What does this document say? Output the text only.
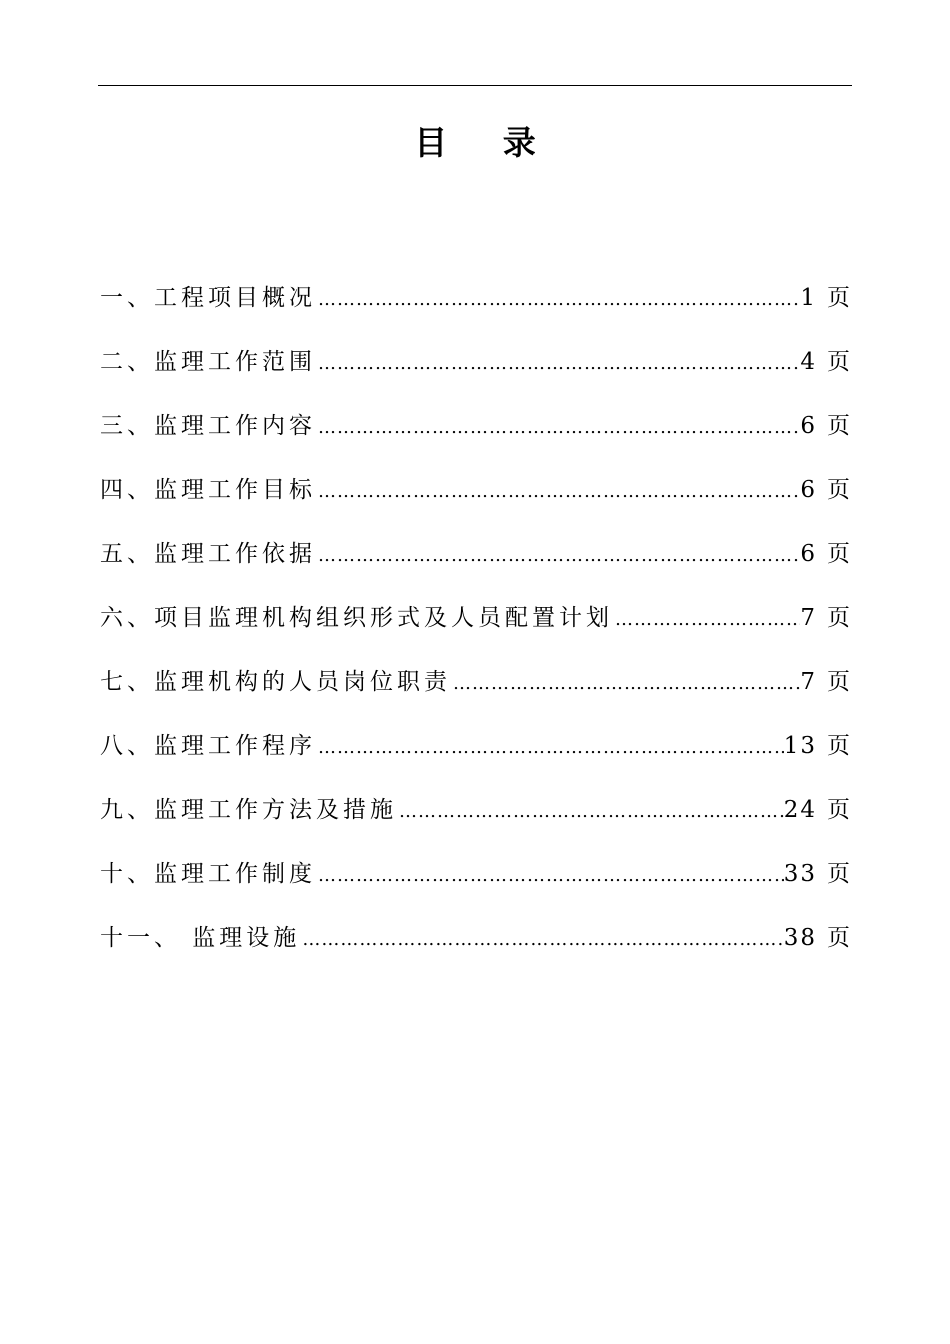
目 录
一、工程项目概况 …………………………………………………………………………………………………………………………………………………	1 页
二、监理工作范围 …………………………………………………………………………………………………………………………………………………	4 页
三、监理工作内容 …………………………………………………………………………………………………………………………………………………	6 页
四、监理工作目标 …………………………………………………………………………………………………………………………………………………	6 页
五、监理工作依据 …………………………………………………………………………………………………………………………………………………	6 页
六、项目监理机构组织形式及人员配置计划 …………………………………………………………………………………………………………………………………………………	7 页
七、监理机构的人员岗位职责 …………………………………………………………………………………………………………………………………………………	7 页
八、监理工作程序 …………………………………………………………………………………………………………………………………………………	13 页
九、监理工作方法及措施 …………………………………………………………………………………………………………………………………………………	24 页
十、监理工作制度 …………………………………………………………………………………………………………………………………………………	33 页
十一、 监理设施 …………………………………………………………………………………………………………………………………………………	38 页
